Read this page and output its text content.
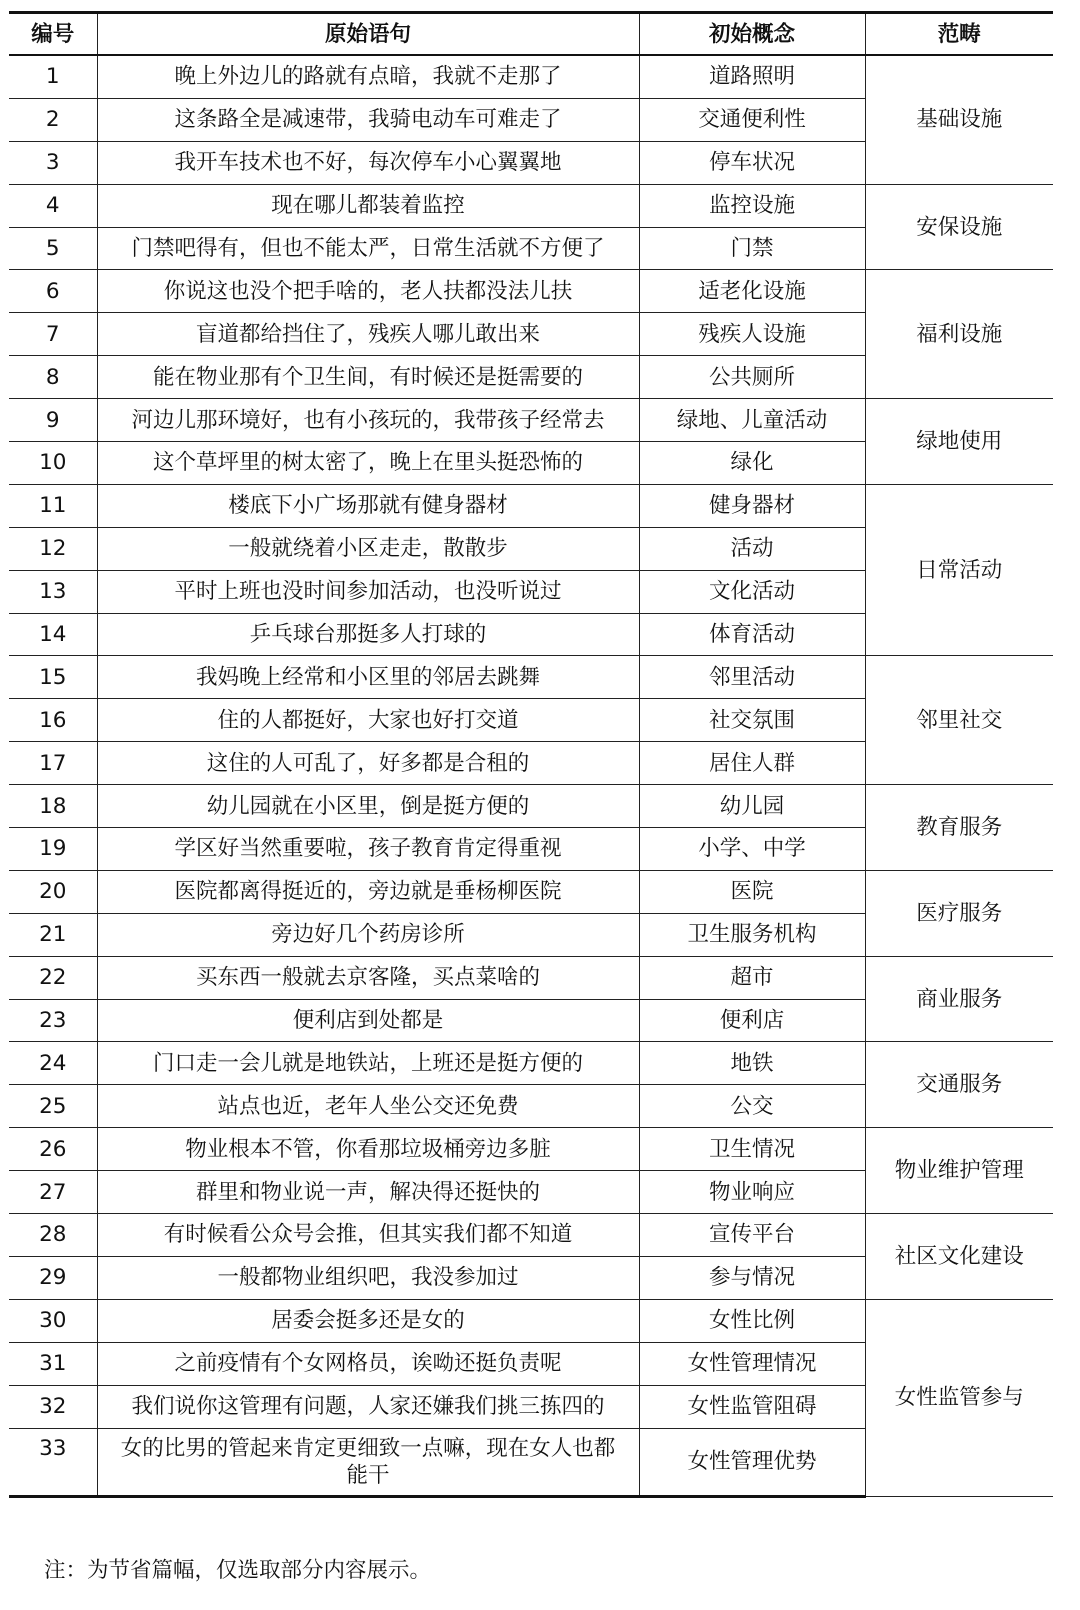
编号	原始语句	初始概念	范畴
1	晚上外边儿的路就有点暗，我就不走那了	道路照明	基础设施
2	这条路全是减速带，我骑电动车可难走了	交通便利性	
3	我开车技术也不好，每次停车小心翼翼地	停车状况	
4	现在哪儿都装着监控	监控设施	安保设施
5	门禁吧得有，但也不能太严，日常生活就不方便了	门禁	
6	你说这也没个把手啥的，老人扶都没法儿扶	适老化设施	福利设施
7	盲道都给挡住了，残疾人哪儿敢出来	残疾人设施	
8	能在物业那有个卫生间，有时候还是挺需要的	公共厕所	
9	河边儿那环境好，也有小孩玩的，我带孩子经常去	绿地、儿童活动	绿地使用
10	这个草坪里的树太密了，晚上在里头挺恐怖的	绿化	
11	楼底下小广场那就有健身器材	健身器材	日常活动
12	一般就绕着小区走走，散散步	活动	
13	平时上班也没时间参加活动，也没听说过	文化活动	
14	乒乓球台那挺多人打球的	体育活动	
15	我妈晚上经常和小区里的邻居去跳舞	邻里活动	邻里社交
16	住的人都挺好，大家也好打交道	社交氛围	
17	这住的人可乱了，好多都是合租的	居住人群	
18	幼儿园就在小区里，倒是挺方便的	幼儿园	教育服务
19	学区好当然重要啦，孩子教育肯定得重视	小学、中学	
20	医院都离得挺近的，旁边就是垂杨柳医院	医院	医疗服务
21	旁边好几个药房诊所	卫生服务机构	
22	买东西一般就去京客隆，买点菜啥的	超市	商业服务
23	便利店到处都是	便利店	
24	门口走一会儿就是地铁站，上班还是挺方便的	地铁	交通服务
25	站点也近，老年人坐公交还免费	公交	
26	物业根本不管，你看那垃圾桶旁边多脏	卫生情况	物业维护管理
27	群里和物业说一声，解决得还挺快的	物业响应	
28	有时候看公众号会推，但其实我们都不知道	宣传平台	社区文化建设
29	一般都物业组织吧，我没参加过	参与情况	
30	居委会挺多还是女的	女性比例	女性监管参与
31	之前疫情有个女网格员，诶呦还挺负责呢	女性管理情况	
32	我们说你这管理有问题，人家还嫌我们挑三拣四的	女性监管阻碍	
33	女的比男的管起来肯定更细致一点嘛，现在女人也都能干	女性管理优势	
注：为节省篇幅，仅选取部分内容展示。
